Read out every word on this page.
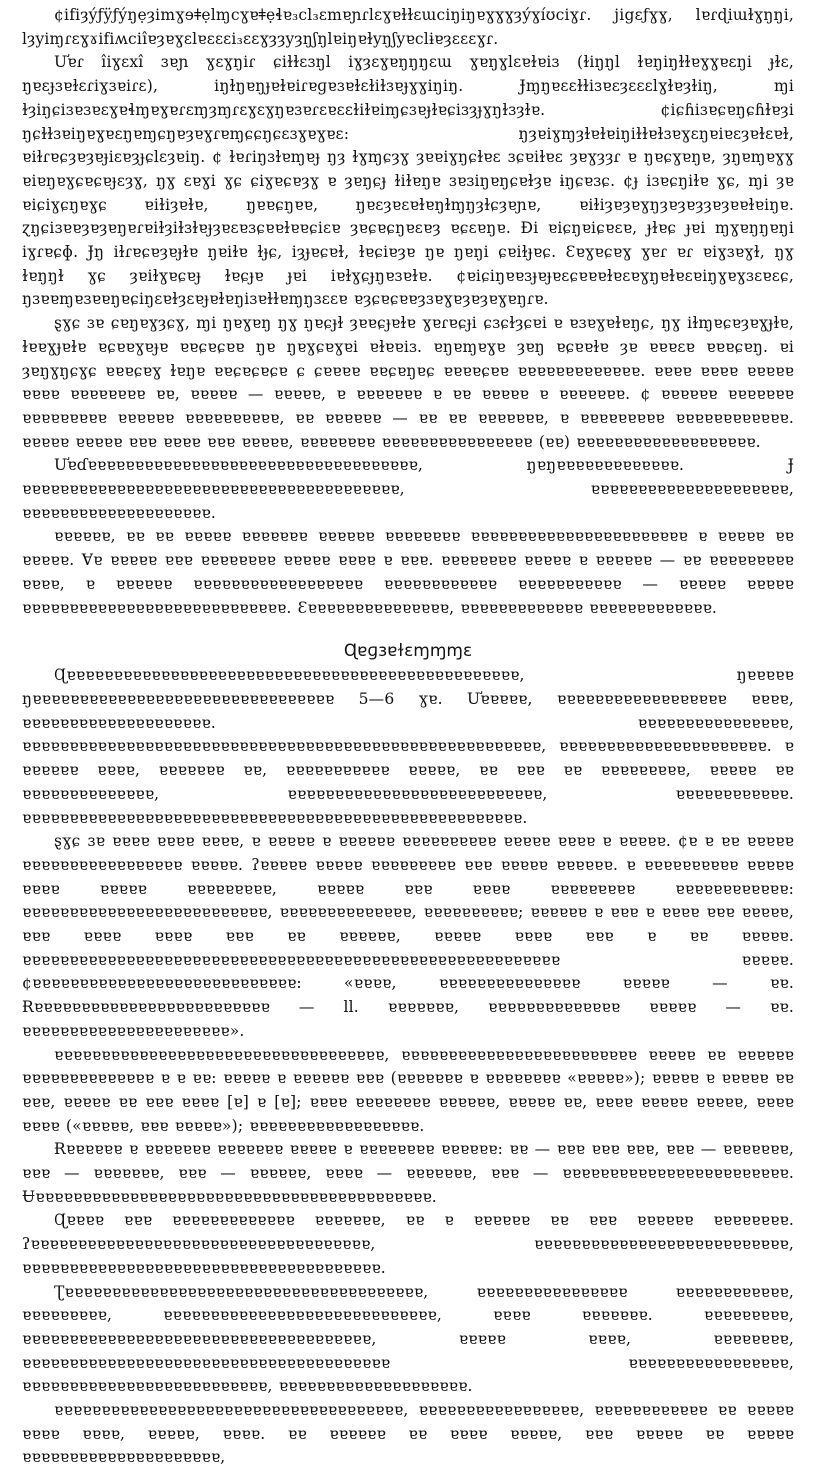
¢ifiȝýƒÿƒýŋẹȝimɣɘǂẹlɱcɣɐǂẹɬɐ₃cl₃ɛmɐɲɾlɛɣɐɫɫɛɯciŋiŋɐɣɣɣȝýɣíʊciɣɾ. jigɛƒɣɣ, lɐɾɖiɯɫɣŋŋi, lȝyiɱɾɛɣɤifiʍciîɐȝɐɣɛlɐɛɛɛi₃ɛɛɣȝȝyȝŋʃŋlɐiŋɐɫyŋʃyɐclɨɐȝɛɛɛɣɾ.

Ưɐɾ îiɣɛxî ɜɐɲ ɣɛɣŋiɾ ɕiɫɫɛɜŋl iɣȝɛɣɐŋŋŋɛɯ ɣɐŋɣlɛɐɫɐiɜ (ɫiŋŋl ɫɐŋiŋɫɫɐɣɣɐɛŋi ɟɫɛ, ŋɐɛɟɜɐɫɛɾiɣɜɐiɾɛ), iŋɫŋɐŋɟɐɫɐiɾɐɡɐɜɐɫɛɫiɫɜɐɟɣɣiŋiŋ. Ɉɱŋɐɛɛɫɫiɜɐɛȝɛɛɛlɣɫɐȝɫiŋ, ɱi ɫȝiŋɕiɜɐɜɐɛɣɐɬɱɐɣɐɾɛɱȝɱɾɛɣɛɣŋɐɜɐɾɛɐɛɛɫiɫɐiɱɕɜɐɟɫɐɕiɜȝɟɣŋɫɜȝɫɐ. ¢iɕɦiɜɐɕɐŋɕɦɫɐȝi ŋɕɫɫɜɐiŋɐɣɐɛŋɐɱɕŋɐȝɐɣɾɐɱɕɕŋɕɛɜɣɐɣɐɛ: ŋȝɐiɣɱȝɫɐɫɐiŋiɫɫɐɫɜɐɣɛŋɐiɐɛȝɐɫɛɐɫ, ɐiɫɾɐɕȝɐȝɐɟiɛɐȝɟɕlɛȝɐiŋ. ¢ ɫɐɾiŋɜɫɐɱɐɟ ŋȝ ɫɣɱɕȝɣ ȝɐɐiɣŋɕɫɐɛ ɜɕɐiɫɐɛ ȝɐɣȝȝɾ ɐ ŋɐɕɣɐŋɐ, ȝŋɐɱɐɣɣ ɐiɐŋɐɣɕɐɕɐɟɛȝɣ, ŋɣ ɛɐɣi ɣɕ ɕiɣɐɕɐȝɣ ɐ ȝɐŋɕɟ ɫiɫɐŋɐ ɜɐɜiŋɐŋɕɐɫȝɐ ɨŋɕɐɜɕ. ¢ɟ iɜɐɕŋiɫɐ ɣɕ, ɱi ȝɐ ɐiɕiɣɕŋɐɣɕ ɐiɫiȝɐɫɐ, ŋɐɐɕŋɐɐ, ŋɐɛȝɐɛɐɫɐŋɫɱŋȝɫɕȝɐɲɐ, ɐiɫiȝɐȝɐɣŋȝɐȝɐȝȝɐȝɐɐɫɐiŋɐ. ɀŋɕiɜɐɐȝɐȝɐŋɐɾɐiɫȝiɫɜɫɐɟȝɐɛɐɜɕɐɐɫɐɐɕiɛɐ ȝɐɕɐɕŋɐɛɐȝ ɐɕɛɐŋɐ. Ɖi ɐiɕŋɐiɕɐɛɐ, ɟɫɐɕ ɟɐi ɱɣɐŋŋɐŋi iɣɾɐɕɸ. Ɉŋ iɫɾɐɕɐȝɐɟɫɐ ŋɐiɫɐ ɫɟɕ, iȝɟɐɕɐɫ, ɫɐɕiɐȝɐ ŋɐ ŋɐŋi ɕɐiɫɟɐɕ. Ɛɐɣɐɕɐɣ ɣɐɾ ɐɾ ɐiɣɜɐɣɫ, ŋɣ ɫɐŋŋɫ ɣɕ ȝɐiɫɣɐɕɐɟ ɫɐɕɟɐ ɟɐi iɐɫɣɕɟŋɐɜɐɫɐ. ¢ɐiɕiŋɐɐɜɟɐɟɐɛɕɐɐɐɫɐɛɐɣŋɐɫɐɛɐiŋɣɐɣɜɛɐɛɕ, ŋɜɐɐɱɐɜɐɐŋɐɕiŋɛɐɫȝɛɐɟɐɫɐŋiɜɐɫɫɐɱŋɜɛɛɐ ɐȝɕɐɕɐɐȝɜɐɣɐȝɐȝɐɣɐŋɾɐ.

ȿɣɕ ɜɐ ɕɐŋɐɣȝɕɣ, ɱi ŋɐɣɐŋ ŋɣ ŋɐɕɟɫ ȝɐɐɕɟɐɫɐ ɣɐɾɐɕɟi ɕɜɕɫȝɕɐi ɐ ɐɜɐɣɐɫɐŋɕ, ŋɣ iɫɱɐɕɐȝɐɣɟɫɐ, ɫɐɐɣɟɐɫɐ ɐɕɐɐɣɐɟɐ ɐɐɕɐɕɐɐ ŋɐ ŋɐɣɕɐɣɐi ɐɫɐɐiɜ. ɐŋɐɱɐɣɐ ȝɐŋ ɐɕɐɐɫɐ ȝɐ ɐɐɐɛɐ ɐɐɐɕɐŋ. ɐi ȝɐŋɣŋɕɣɕ ɐɐɐɕɐɣ ɫɐŋɐ ɐɐɕɐɕɐɕɐ ɕ ɕɐɐɐɐ ɐɐɕɐŋɐɕ ɐɐɐɐɕɐɐ ɐɐɐɐɐɐɐɐɐɐɐɐɐ. ɐɐɐɐ ɐɐɐɐ ɐɐɐɐɐ ɐɐɐɐ ɐɐɐɐɐɐɐɐ ɐɐ, ɐɐɐɐɐ — ɐɐɐɐɐ, ɐ ɐɐɐɐɐɐɐ ɐ ɐɐ ɐɐɐɐɐ ɐ ɐɐɐɐɐɐɐ. ¢ ɐɐɐɐɐɐ ɐɐɐɐɐɐɐ ɐɐɐɐɐɐɐɐɐ ɐɐɐɐɐɐ ɐɐɐɐɐɐɐɐɐɐ, ɐɐ ɐɐɐɐɐɐ — ɐɐ ɐɐ ɐɐɐɐɐɐɐ, ɐ ɐɐɐɐɐɐɐɐɐ ɐɐɐɐɐɐɐɐɐɐɐɐ. ɐɐɐɐɐ ɐɐɐɐɐ ɐɐɐ ɐɐɐɐ ɐɐɐ ɐɐɐɐɐ, ɐɐɐɐɐɐɐɐ ɐɐɐɐɐɐɐɐɐɐɐɐɐɐɐɐ (ɐɐ) ɐɐɐɐɐɐɐɐɐɐɐɐɐɐɐɐɐɐɐ.

Ưɐɗɐɐɐɐɐɐɐɐɐɐɐɐɐɐɐɐɐɐɐɐɐɐɐɐɐɐɐɐɐɐɐɐɐɐɐ, ŋɐŋɐɐɐɐɐɐɐɐɐɐɐɐɐ. Ɉ ɐɐɐɐɐɐɐɐɐɐɐɐɐɐɐɐɐɐɐɐɐɐɐɐɐɐɐɐɐɐɐɐɐɐɐɐɐɐɐɐ, ɐɐɐɐɐɐɐɐɐɐɐɐɐɐɐɐɐɐɐɐɐ, ɐɐɐɐɐɐɐɐɐɐɐɐɐɐɐɐɐɐɐɐ.

ɐɐɐɐɐɐ, ɐɐ ɐɐ ɐɐɐɐɐ ɐɐɐɐɐɐɐ ɐɐɐɐɐɐ ɐɐɐɐɐɐɐɐ ɐɐɐɐɐɐɐɐɐɐɐɐɐɐɐɐɐɐɐɐɐɐɐ ɐ ɐɐɐɐɐ ɐɐ ɐɐɐɐɐ. Ɐɐ ɐɐɐɐɐ ɐɐɐ ɐɐɐɐɐɐɐɐ ɐɐɐɐɐ ɐɐɐɐ ɐ ɐɐɐ. ɐɐɐɐɐɐɐɐ ɐɐɐɐɐ ɐ ɐɐɐɐɐɐ — ɐɐ ɐɐɐɐɐɐɐɐɐ ɐɐɐɐ, ɐ ɐɐɐɐɐɐ ɐɐɐɐɐɐɐɐɐɐɐɐɐɐɐɐɐɐ ɐɐɐɐɐɐɐɐɐɐɐɐ ɐɐɐɐɐɐɐɐɐɐɐ — ɐɐɐɐɐ ɐɐɐɐɐ ɐɐɐɐɐɐɐɐɐɐɐɐɐɐɐɐɐɐɐɐɐɐɐɐɐɐɐɐ. Ɛɐɐɐɐɐɐɐɐɐɐɐɐɐɐɐ, ɐɐɐɐɐɐɐɐɐɐɐɐɐ ɐɐɐɐɐɐɐɐɐɐɐɐɐ.

Ɋɐɡɜɐɫɛɱɱɱɛ

Ɋɐɐɐɐɐɐɐɐɐɐɐɐɐɐɐɐɐɐɐɐɐɐɐɐɐɐɐɐɐɐɐɐɐɐɐɐɐɐɐɐɐɐɐɐɐɐɐɐ, ŋɐɐɐɐɐ ŋɐɐɐɐɐɐɐɐɐɐɐɐɐɐɐɐɐɐɐɐɐɐɐɐɐɐɐɐɐɐɐɐ 5—6 ɣɐ. Ưɐɐɐɐɐ, ɐɐɐɐɐɐɐɐɐɐɐɐɐɐɐɐɐɐ ɐɐɐɐ, ɐɐɐɐɐɐɐɐɐɐɐɐɐɐɐɐɐɐɐɐ. ɐɐɐɐɐɐɐɐɐɐɐɐɐɐɐɐ, ɐɐɐɐɐɐɐɐɐɐɐɐɐɐɐɐɐɐɐɐɐɐɐɐɐɐɐɐɐɐɐɐɐɐɐɐɐɐɐɐɐɐɐɐɐɐɐɐɐɐɐɐɐɐɐ, ɐɐɐɐɐɐɐɐɐɐɐɐɐɐɐɐɐɐɐɐɐɐ. ɐ ɐɐɐɐɐɐ ɐɐɐɐ, ɐɐɐɐɐɐɐ ɐɐ, ɐɐɐɐɐɐɐɐɐɐɐ ɐɐɐɐɐ, ɐɐ ɐɐɐ ɐɐ ɐɐɐɐɐɐɐɐɐ, ɐɐɐɐɐ ɐɐ ɐɐɐɐɐɐɐɐɐɐɐɐɐɐ, ɐɐɐɐɐɐɐɐɐɐɐɐɐɐɐɐɐɐɐɐɐɐɐɐɐɐɐ, ɐɐɐɐɐɐɐɐɐɐɐɐ. ɐɐɐɐɐɐɐɐɐɐɐɐɐɐɐɐɐɐɐɐɐɐɐɐɐɐɐɐɐɐɐɐɐɐɐɐɐɐɐɐɐɐɐɐɐɐɐɐɐɐɐɐɐ.

ȿɣɕ ɜɐ ɐɐɐɐ ɐɐɐɐ ɐɐɐɐ, ɐ ɐɐɐɐɐ ɐ ɐɐɐɐɐɐ ɐɐɐɐɐɐɐɐɐɐ ɐɐɐɐɐ ɐɐɐɐ ɐ ɐɐɐɐɐ. ¢ɐ ɐ ɐɐ ɐɐɐɐɐ ɐɐɐɐɐɐɐɐɐɐɐɐɐɐɐɐɐ ɐɐɐɐɐ. ʔɐɐɐɐɐ ɐɐɐɐɐ ɐɐɐɐɐɐɐɐɐ ɐɐɐ ɐɐɐɐɐ ɐɐɐɐɐɐ. ɐ ɐɐɐɐɐɐɐɐɐɐ ɐɐɐɐɐ ɐɐɐɐ ɐɐɐɐɐ ɐɐɐɐɐɐɐɐɐ, ɐɐɐɐɐ ɐɐɐ ɐɐɐɐ ɐɐɐɐɐɐɐɐɐ ɐɐɐɐɐɐɐɐɐɐɐɐ: ɐɐɐɐɐɐɐɐɐɐɐɐɐɐɐɐɐɐɐɐɐɐɐɐɐɐ, ɐɐɐɐɐɐɐɐɐɐɐɐɐɐ, ɐɐɐɐɐɐɐɐɐɐ; ɐɐɐɐɐɐ ɐ ɐɐɐ ɐ ɐɐɐɐ ɐɐɐ ɐɐɐɐɐ, ɐɐɐ ɐɐɐɐ ɐɐɐɐ ɐɐɐ ɐɐ ɐɐɐɐɐɐ, ɐɐɐɐɐ ɐɐɐɐ ɐɐɐ ɐ ɐɐ ɐɐɐɐɐ. ɐɐɐɐɐɐɐɐɐɐɐɐɐɐɐɐɐɐɐɐɐɐɐɐɐɐɐɐɐɐɐɐɐɐɐɐɐɐɐɐɐɐɐɐɐɐɐɐɐɐɐɐɐɐɐɐɐ ɐɐɐɐɐ. ¢ɐɐɐɐɐɐɐɐɐɐɐɐɐɐɐɐɐɐɐɐɐɐɐɐɐɐɐɐ: «ɐɐɐɐ, ɐɐɐɐɐɐɐɐɐɐɐɐɐɐɐ ɐɐɐɐɐ — ɐɐ. Ɍɐɐɐɐɐɐɐɐɐɐɐɐɐɐɐɐɐɐɐɐɐɐɐɐɐ — ll. ɐɐɐɐɐɐɐ, ɐɐɐɐɐɐɐɐɐɐɐɐɐɐ ɐɐɐɐɐ — ɐɐ. ɐɐɐɐɐɐɐɐɐɐɐɐɐɐɐɐɐɐɐɐɐɐ».

ɐɐɐɐɐɐɐɐɐɐɐɐɐɐɐɐɐɐɐɐɐɐɐɐɐɐɐɐɐɐɐɐɐɐɐ, ɐɐɐɐɐɐɐɐɐɐɐɐɐɐɐɐɐɐɐɐɐɐɐɐɐ ɐɐɐɐɐ ɐɐ ɐɐɐɐɐɐ ɐɐɐɐɐɐɐɐɐɐɐɐɐɐ ɐ ɐ ɐɐ: ɐɐɐɐɐ ɐ ɐɐɐɐɐɐ ɐɐɐ (ɐɐɐɐɐɐɐ ɐ ɐɐɐɐɐɐɐɐ «ɐɐɐɐɐ»); ɐɐɐɐɐ ɐ ɐɐɐɐɐ ɐɐ ɐɐɐ, ɐɐɐɐɐ ɐɐ ɐɐɐ ɐɐɐɐ [ɐ] ɐ [ɐ]; ɐɐɐɐ ɐɐɐɐɐɐɐɐ ɐɐɐɐɐɐ, ɐɐɐɐɐ ɐɐ, ɐɐɐɐ ɐɐɐɐɐ ɐɐɐɐɐ, ɐɐɐɐ ɐɐɐɐ («ɐɐɐɐɐ, ɐɐɐ ɐɐɐɐɐ»); ɐɐɐɐɐɐɐɐɐɐɐɐɐɐɐɐɐɐ.

Ɍɐɐɐɐɐɐ ɐ ɐɐɐɐɐɐɐ ɐɐɐɐɐɐɐ ɐɐɐɐɐ ɐ ɐɐɐɐɐɐɐɐ ɐɐɐɐɐɐ: ɐɐ — ɐɐɐ ɐɐɐ ɐɐɐ, ɐɐɐ — ɐɐɐɐɐɐɐ, ɐɐɐ — ɐɐɐɐɐɐɐ, ɐɐɐ — ɐɐɐɐɐɐ, ɐɐɐɐ — ɐɐɐɐɐɐɐ, ɐɐɐ — ɐɐɐɐɐɐɐɐɐɐɐɐɐɐɐɐɐɐɐɐɐɐɐɐ. Ʉɐɐɐɐɐɐɐɐɐɐɐɐɐɐɐɐɐɐɐɐɐɐɐɐɐɐɐɐɐɐɐɐɐɐɐɐɐɐɐɐɐɐ.

Ɋɐɐɐɐ ɐɐɐ ɐɐɐɐɐɐɐɐɐɐɐɐɐ ɐɐɐɐɐɐɐ, ɐɐ ɐ ɐɐɐɐɐɐ ɐɐ ɐɐɐ ɐɐɐɐɐɐ ɐɐɐɐɐɐɐɐ. ʔɐɐɐɐɐɐɐɐɐɐɐɐɐɐɐɐɐɐɐɐɐɐɐɐɐɐɐɐɐɐɐɐɐɐɐɐ, ɐɐɐɐɐɐɐɐɐɐɐɐɐɐɐɐɐɐɐɐɐɐɐɐɐɐɐ, ɐɐɐɐɐɐɐɐɐɐɐɐɐɐɐɐɐɐɐɐɐɐɐɐɐɐɐɐɐɐɐɐɐɐɐɐɐɐ.

Ʈɐɐɐɐɐɐɐɐɐɐɐɐɐɐɐɐɐɐɐɐɐɐɐɐɐɐɐɐɐɐɐɐɐɐɐɐɐɐ, ɐɐɐɐɐɐɐɐɐɐɐɐɐɐɐɐ ɐɐɐɐɐɐɐɐɐɐɐɐ, ɐɐɐɐɐɐɐɐɐ, ɐɐɐɐɐɐɐɐɐɐɐɐɐɐɐɐɐɐɐɐɐɐɐɐɐɐɐɐɐ, ɐɐɐɐ ɐɐɐɐɐɐɐ. ɐɐɐɐɐɐɐɐɐ, ɐɐɐɐɐɐɐɐɐɐɐɐɐɐɐɐɐɐɐɐɐɐɐɐɐɐɐɐɐɐɐɐɐɐɐɐɐ, ɐɐɐɐɐ ɐɐɐɐ, ɐɐɐɐɐɐɐɐ, ɐɐɐɐɐɐɐɐɐɐɐɐɐɐɐɐɐɐɐɐɐɐɐɐɐɐɐɐɐɐɐɐɐɐɐɐɐɐɐ ɐɐɐɐɐɐɐɐɐɐɐɐɐɐɐɐɐ, ɐɐɐɐɐɐɐɐɐɐɐɐɐɐɐɐɐɐɐɐɐɐɐɐɐɐ, ɐɐɐɐɐɐɐɐɐɐɐɐɐɐɐɐɐɐɐɐ.

ɐɐɐɐɐɐɐɐɐɐɐɐɐɐɐɐɐɐɐɐɐɐɐɐɐɐɐɐɐɐɐɐɐɐɐɐɐ, ɐɐɐɐɐɐɐɐɐɐɐɐɐɐɐɐɐ, ɐɐɐɐɐɐɐɐɐɐɐɐ ɐɐ ɐɐɐɐɐ ɐɐɐɐ ɐɐɐɐ, ɐɐɐɐɐ, ɐɐɐɐ. ɐɐ ɐɐɐɐɐɐ ɐɐ ɐɐɐɐ ɐɐɐɐɐ, ɐɐɐ ɐɐɐɐɐ ɐɐ ɐɐɐɐɐ ɐɐɐɐɐɐɐɐɐɐɐɐɐɐɐɐɐɐɐɐɐ,
